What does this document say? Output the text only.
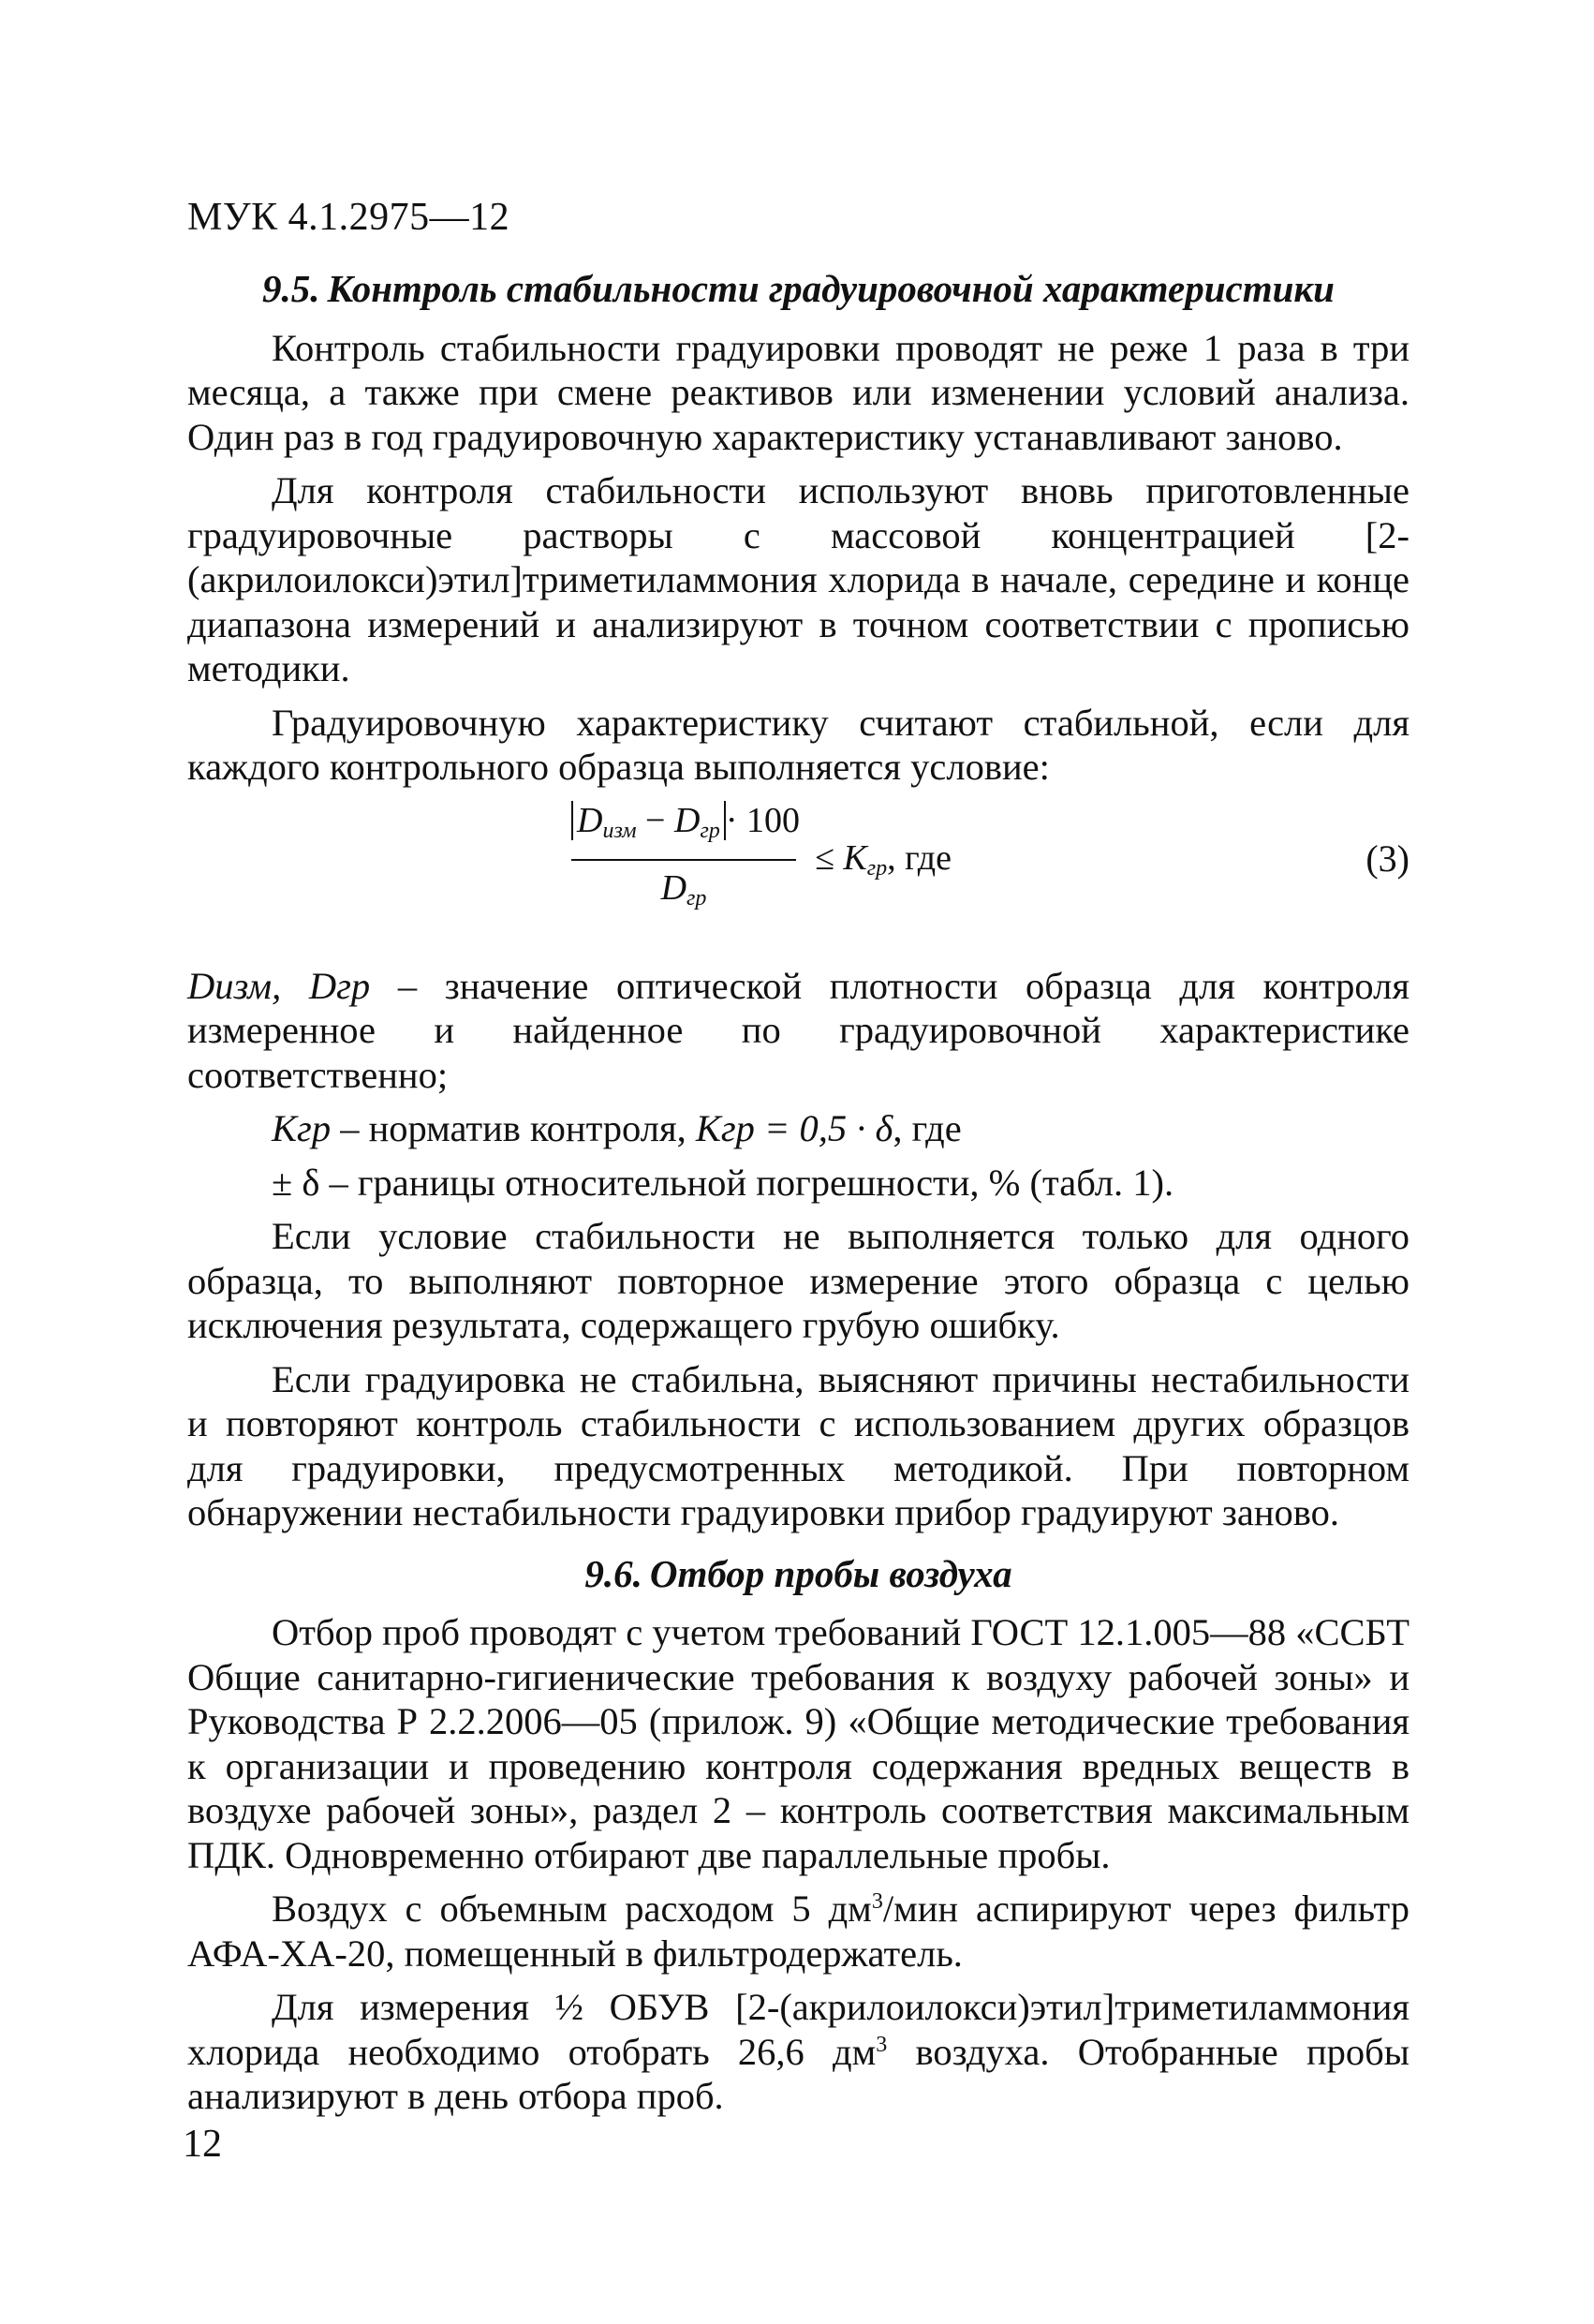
МУК 4.1.2975—12
9.5. Контроль стабильности градуировочной характеристики

Контроль стабильности градуировки проводят не реже 1 раза в три месяца, а также при смене реактивов или изменении условий анализа. Один раз в год градуировочную характеристику устанавливают заново.

Для контроля стабильности используют вновь приготовленные градуировочные растворы с массовой концентрацией [2-(акрилоилокси)этил]триметиламмония хлорида в начале, середине и конце диапазона измерений и анализируют в точном соответствии с прописью методики.

Градуировочную характеристику считают стабильной, если для каждого контрольного образца выполняется условие:

$D_{изм} - D_{гр} \cdot 100$
$D_{гр}$
≤ $K_{гр}$, где	(3)

Dизм, Dгр – значение оптической плотности образца для контроля измеренное и найденное по градуировочной характеристике соответственно;

Kгр – норматив контроля, Kгр = 0,5 · δ, где

± δ – границы относительной погрешности, % (табл. 1).

Если условие стабильности не выполняется только для одного образца, то выполняют повторное измерение этого образца с целью исключения результата, содержащего грубую ошибку.

Если градуировка не стабильна, выясняют причины нестабильности и повторяют контроль стабильности с использованием других образцов для градуировки, предусмотренных методикой. При повторном обнаружении нестабильности градуировки прибор градуируют заново.

9.6. Отбор пробы воздуха

Отбор проб проводят с учетом требований ГОСТ 12.1.005—88 «ССБТ Общие санитарно-гигиенические требования к воздуху рабочей зоны» и Руководства Р 2.2.2006—05 (прилож. 9) «Общие методические требования к организации и проведению контроля содержания вредных веществ в воздухе рабочей зоны», раздел 2 – контроль соответствия максимальным ПДК. Одновременно отбирают две параллельные пробы.

Воздух с объемным расходом 5 $дм^3$/мин аспирируют через фильтр АФА-ХА-20, помещенный в фильтродержатель.

Для измерения ½ ОБУВ [2-(акрилоилокси)этил]триметиламмония хлорида необходимо отобрать 26,6 $дм^3$ воздуха. Отобранные пробы анализируют в день отбора проб.

12
